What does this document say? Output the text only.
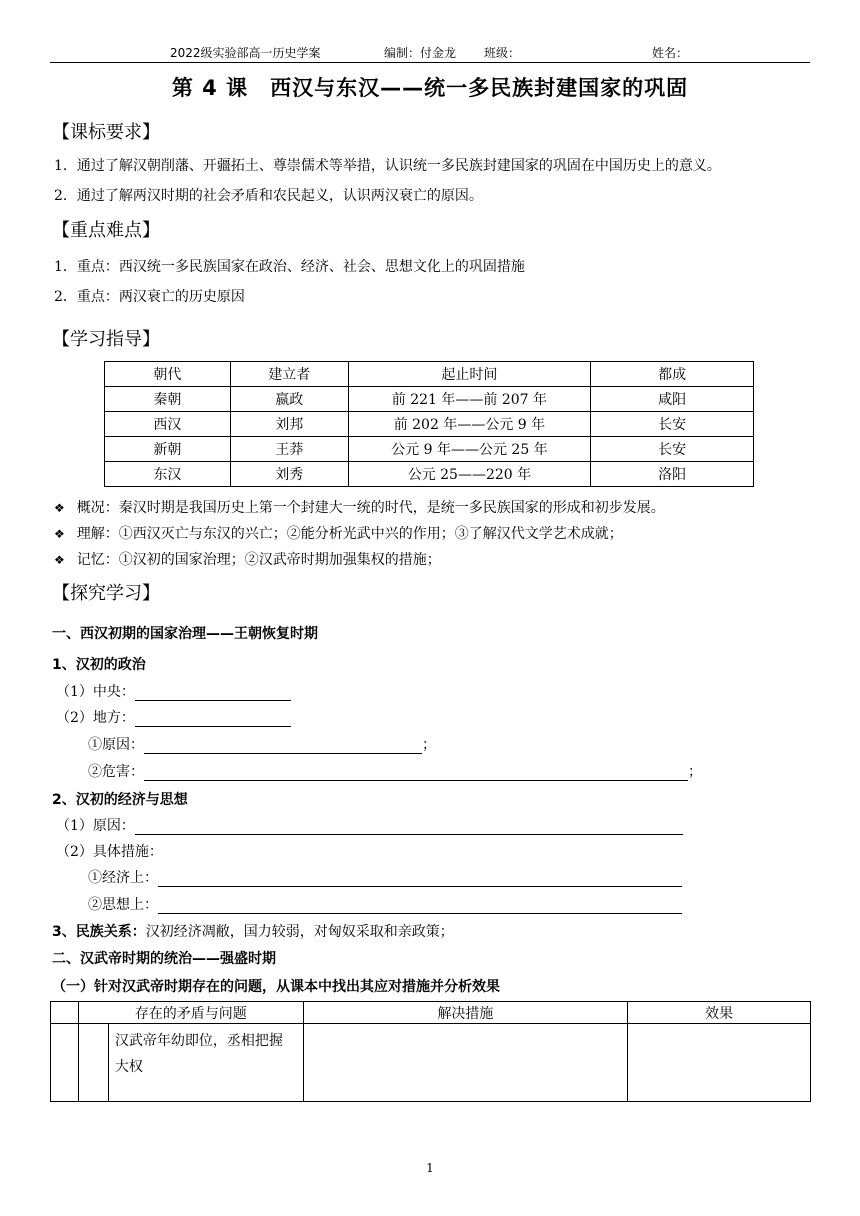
2022级实验部高一历史学案	编制：付金龙 班级：	姓名：
第 4 课　西汉与东汉——统一多民族封建国家的巩固
【课标要求】
1．通过了解汉朝削藩、开疆拓土、尊崇儒术等举措，认识统一多民族封建国家的巩固在中国历史上的意义。
2．通过了解两汉时期的社会矛盾和农民起义，认识两汉衰亡的原因。
【重点难点】
1．重点：西汉统一多民族国家在政治、经济、社会、思想文化上的巩固措施
2．重点：两汉衰亡的历史原因
【学习指导】
朝代	建立者	起止时间	都成
秦朝	嬴政	前 221 年——前 207 年	咸阳
西汉	刘邦	前 202 年——公元 9 年	长安
新朝	王莽	公元 9 年——公元 25 年	长安
东汉	刘秀	公元 25——220 年	洛阳
❖ 概况：秦汉时期是我国历史上第一个封建大一统的时代，是统一多民族国家的形成和初步发展。
❖ 理解：①西汉灭亡与东汉的兴亡；②能分析光武中兴的作用；③了解汉代文学艺术成就；
❖ 记忆：①汉初的国家治理；②汉武帝时期加强集权的措施；
【探究学习】
一、西汉初期的国家治理——王朝恢复时期
1、汉初的政治
（1）中央：
（2）地方：
①原因：	；
②危害：	；
2、汉初的经济与思想
（1）原因：
（2）具体措施：
①经济上：
②思想上：
3、民族关系：汉初经济凋敝，国力较弱，对匈奴采取和亲政策；
二、汉武帝时期的统治——强盛时期
（一）针对汉武帝时期存在的问题，从课本中找出其应对措施并分析效果
	存在的矛盾与问题		解决措施	效果
		汉武帝年幼即位，丞相把握大权		
1
